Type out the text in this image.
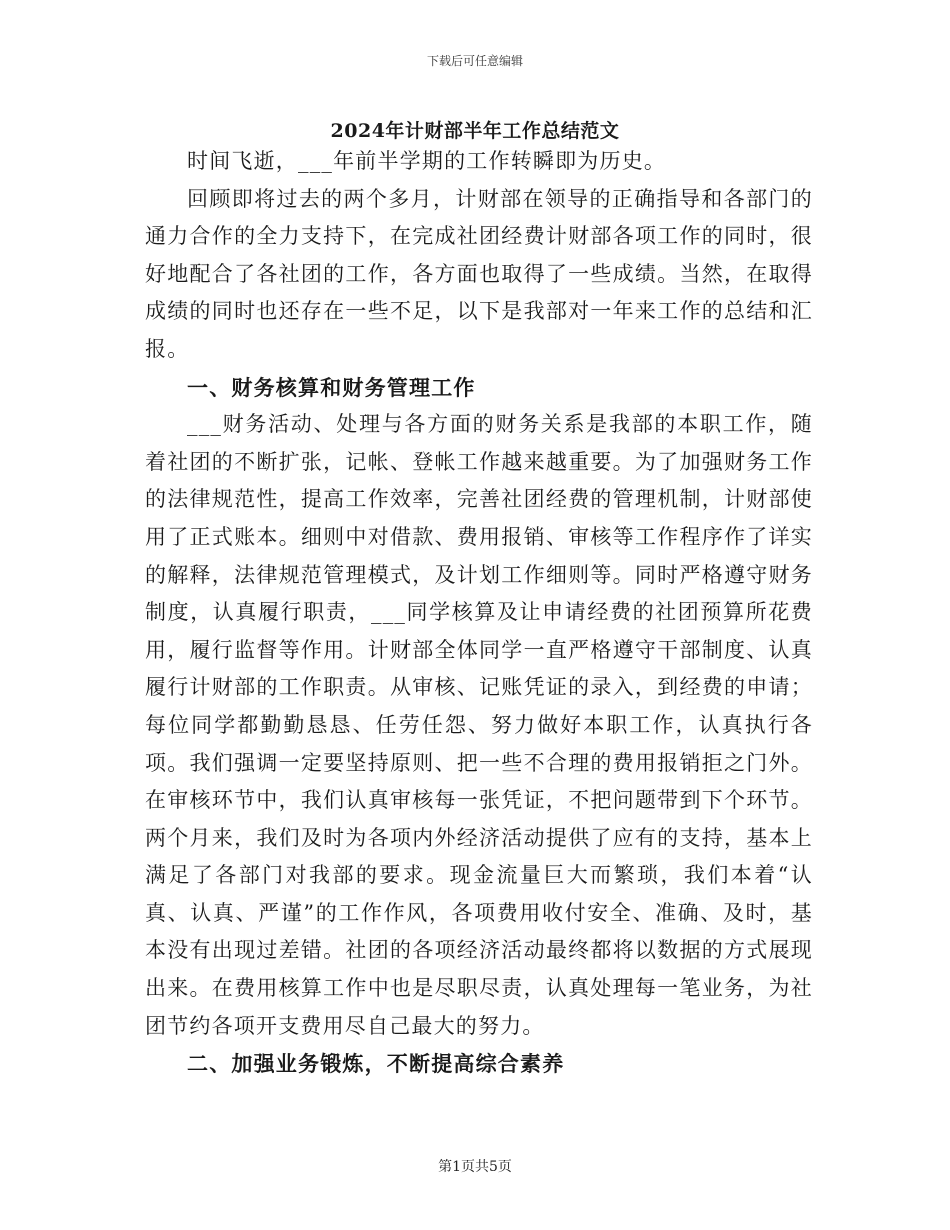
下载后可任意编辑
2024年计财部半年工作总结范文

时间飞逝，___年前半学期的工作转瞬即为历史。

回顾即将过去的两个多月，计财部在领导的正确指导和各部门的通力合作的全力支持下，在完成社团经费计财部各项工作的同时，很好地配合了各社团的工作，各方面也取得了一些成绩。当然，在取得成绩的同时也还存在一些不足，以下是我部对一年来工作的总结和汇报。

一、财务核算和财务管理工作

___财务活动、处理与各方面的财务关系是我部的本职工作，随着社团的不断扩张，记帐、登帐工作越来越重要。为了加强财务工作的法律规范性，提高工作效率，完善社团经费的管理机制，计财部使用了正式账本。细则中对借款、费用报销、审核等工作程序作了详实的解释，法律规范管理模式，及计划工作细则等。同时严格遵守财务制度，认真履行职责，___同学核算及让申请经费的社团预算所花费用，履行监督等作用。计财部全体同学一直严格遵守干部制度、认真履行计财部的工作职责。从审核、记账凭证的录入，到经费的申请；每位同学都勤勤恳恳、任劳任怨、努力做好本职工作，认真执行各项。我们强调一定要坚持原则、把一些不合理的费用报销拒之门外。在审核环节中，我们认真审核每一张凭证，不把问题带到下个环节。两个月来，我们及时为各项内外经济活动提供了应有的支持，基本上满足了各部门对我部的要求。现金流量巨大而繁琐，我们本着“认真、认真、严谨”的工作作风，各项费用收付安全、准确、及时，基本没有出现过差错。社团的各项经济活动最终都将以数据的方式展现出来。在费用核算工作中也是尽职尽责，认真处理每一笔业务，为社团节约各项开支费用尽自己最大的努力。

二、加强业务锻炼，不断提高综合素养

第1页共5页
